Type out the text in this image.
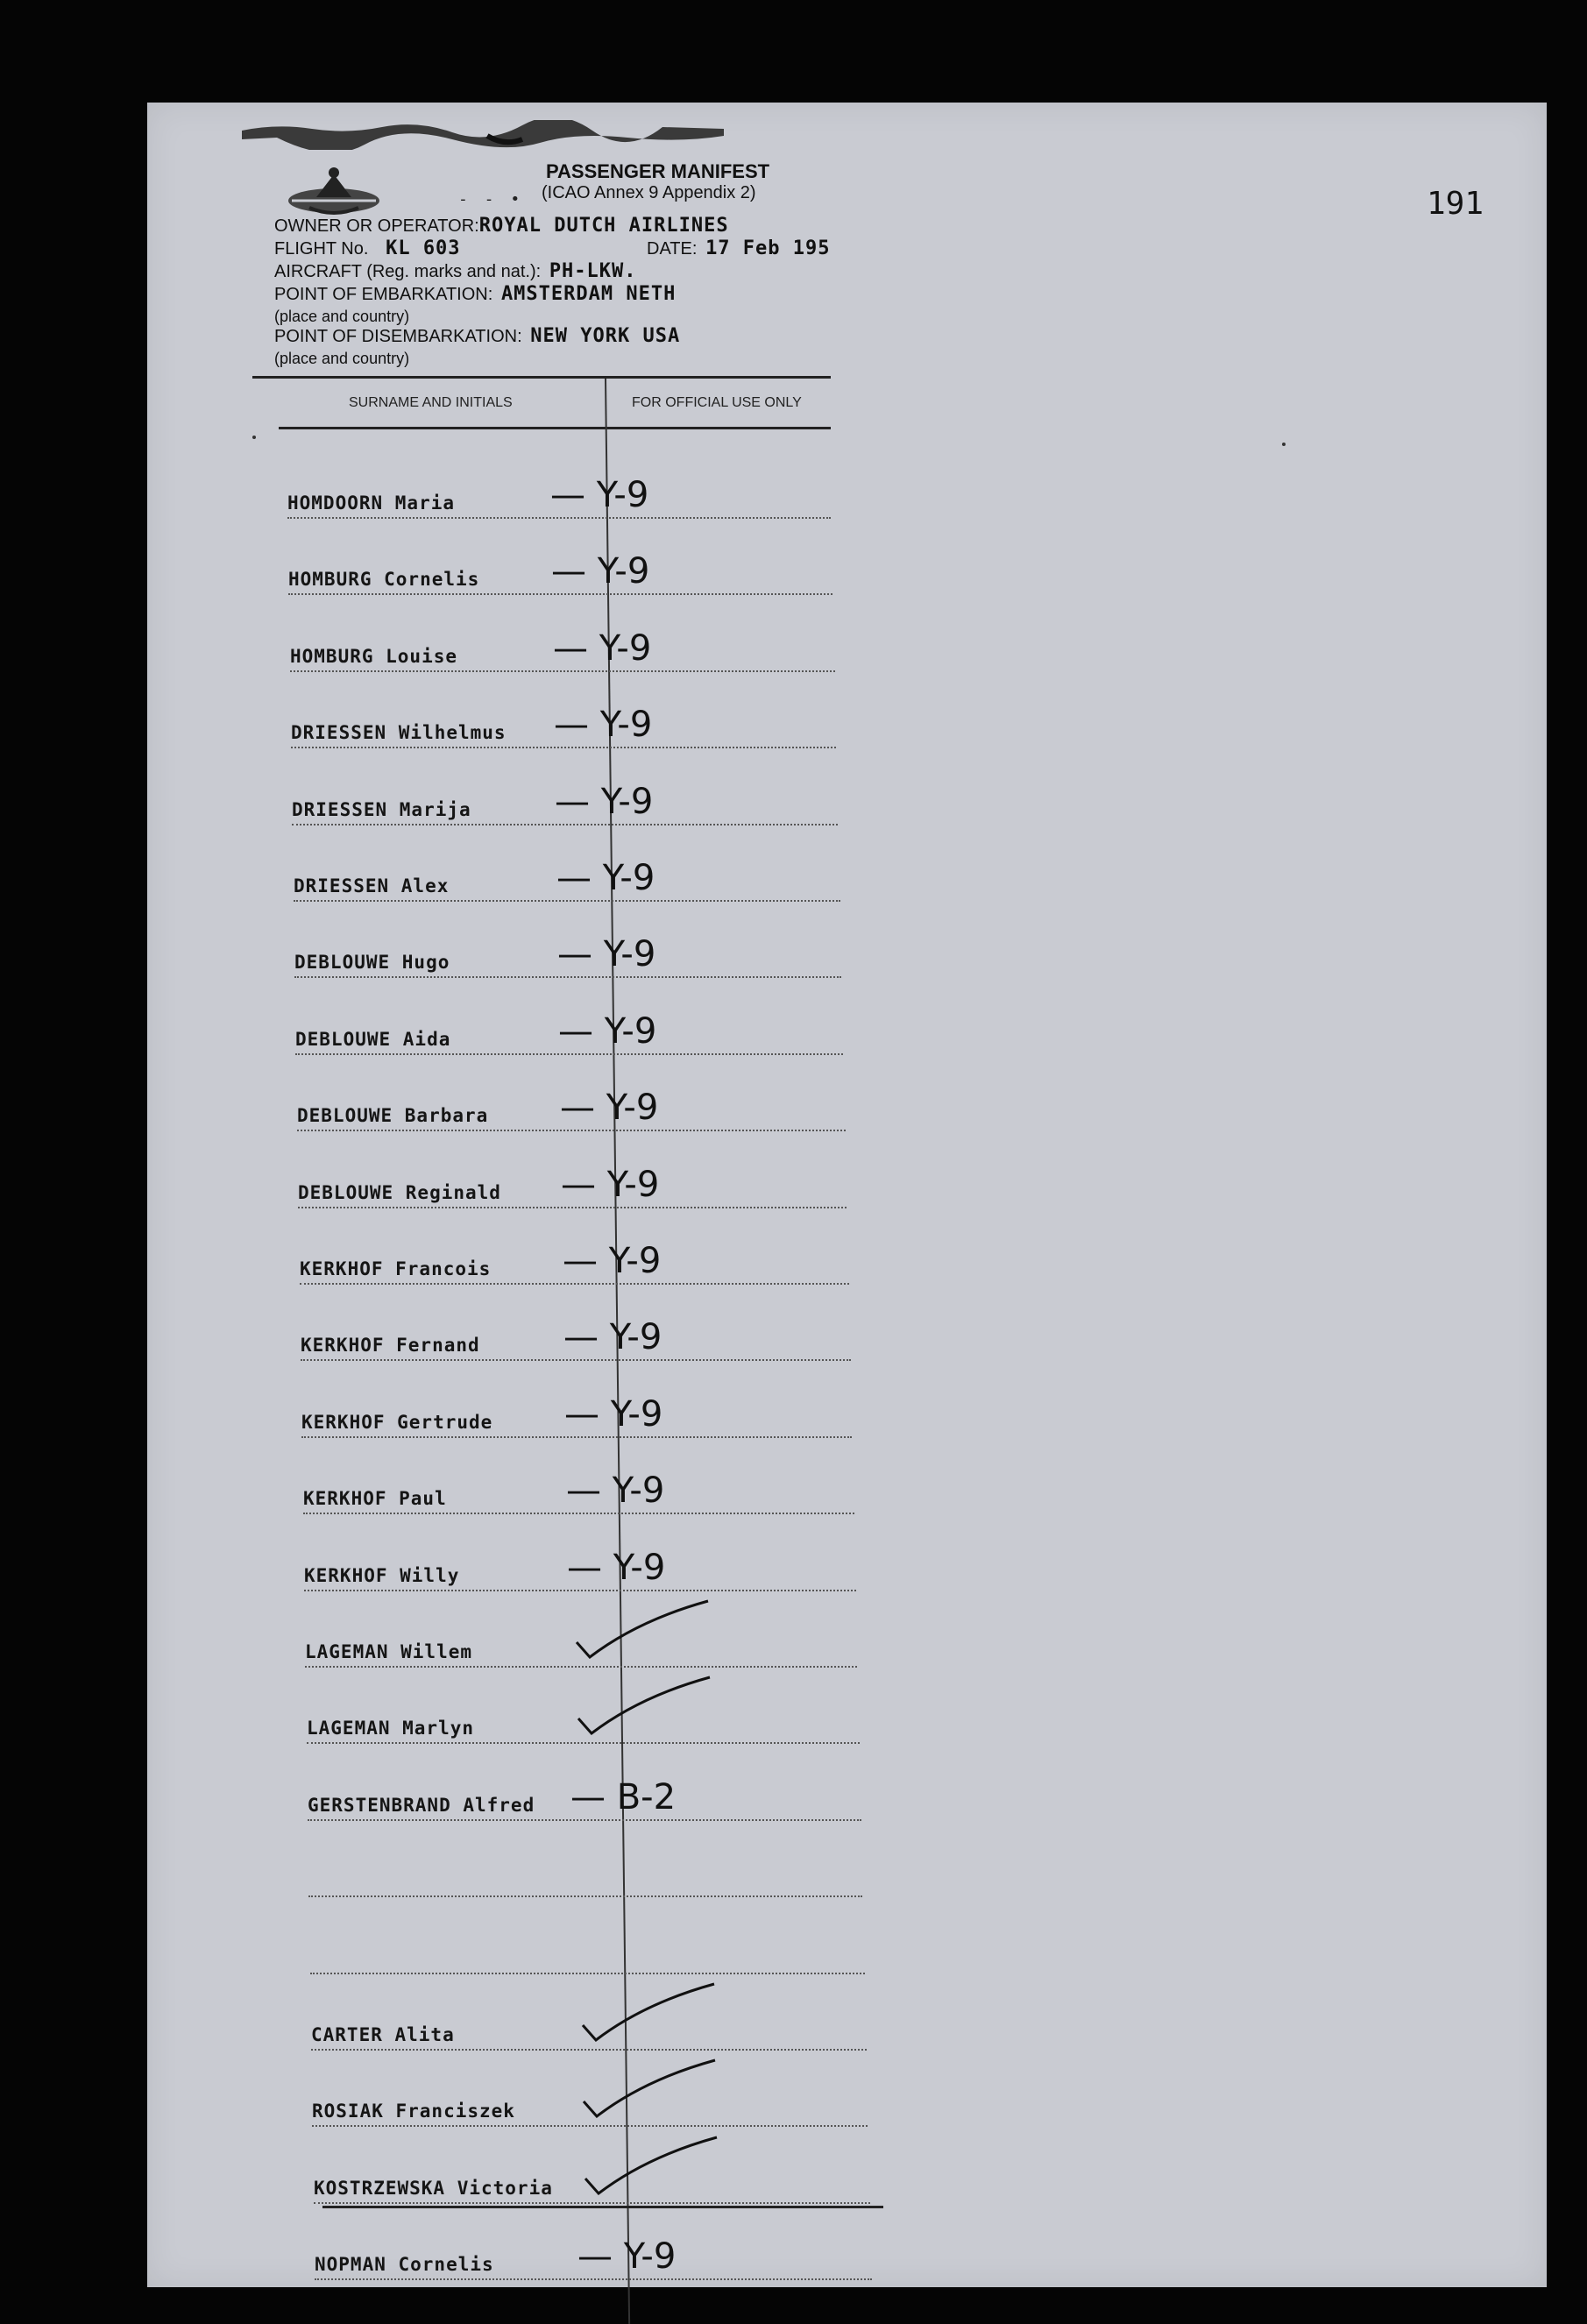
- - •
PASSENGER MANIFEST
(ICAO Annex 9 Appendix 2)	191
OWNER OR OPERATOR:ROYAL DUTCH AIRLINES
FLIGHT No. KL 603	DATE: 17 Feb 195
AIRCRAFT (Reg. marks and nat.): PH-LKW.
POINT OF EMBARKATION: AMSTERDAM NETH
(place and country)
POINT OF DISEMBARKATION: NEW YORK USA
(place and country)
SURNAME AND INITIALS	FOR OFFICIAL USE ONLY
HOMDOORN Maria	— Y-9
HOMBURG Cornelis — Y-9
HOMBURG Louise	— Y-9
DRIESSEN Wilhelmus — Y-9
DRIESSEN Marija — Y-9
DRIESSEN Alex	— Y-9
DEBLOUWE Hugo	— Y-9
DEBLOUWE Aida	— Y-9
DEBLOUWE Barbara — Y-9
DEBLOUWE Reginald — Y-9
KERKHOF Francois — Y-9
KERKHOF Fernand — Y-9
KERKHOF Gertrude — Y-9
KERKHOF Paul	— Y-9
KERKHOF Willy	— Y-9
LAGEMAN Willem
LAGEMAN Marlyn
GERSTENBRAND Alfred — B-2
CARTER Alita
ROSIAK Franciszek
KOSTRZEWSKA Victoria
NOPMAN Cornelis — Y-9
